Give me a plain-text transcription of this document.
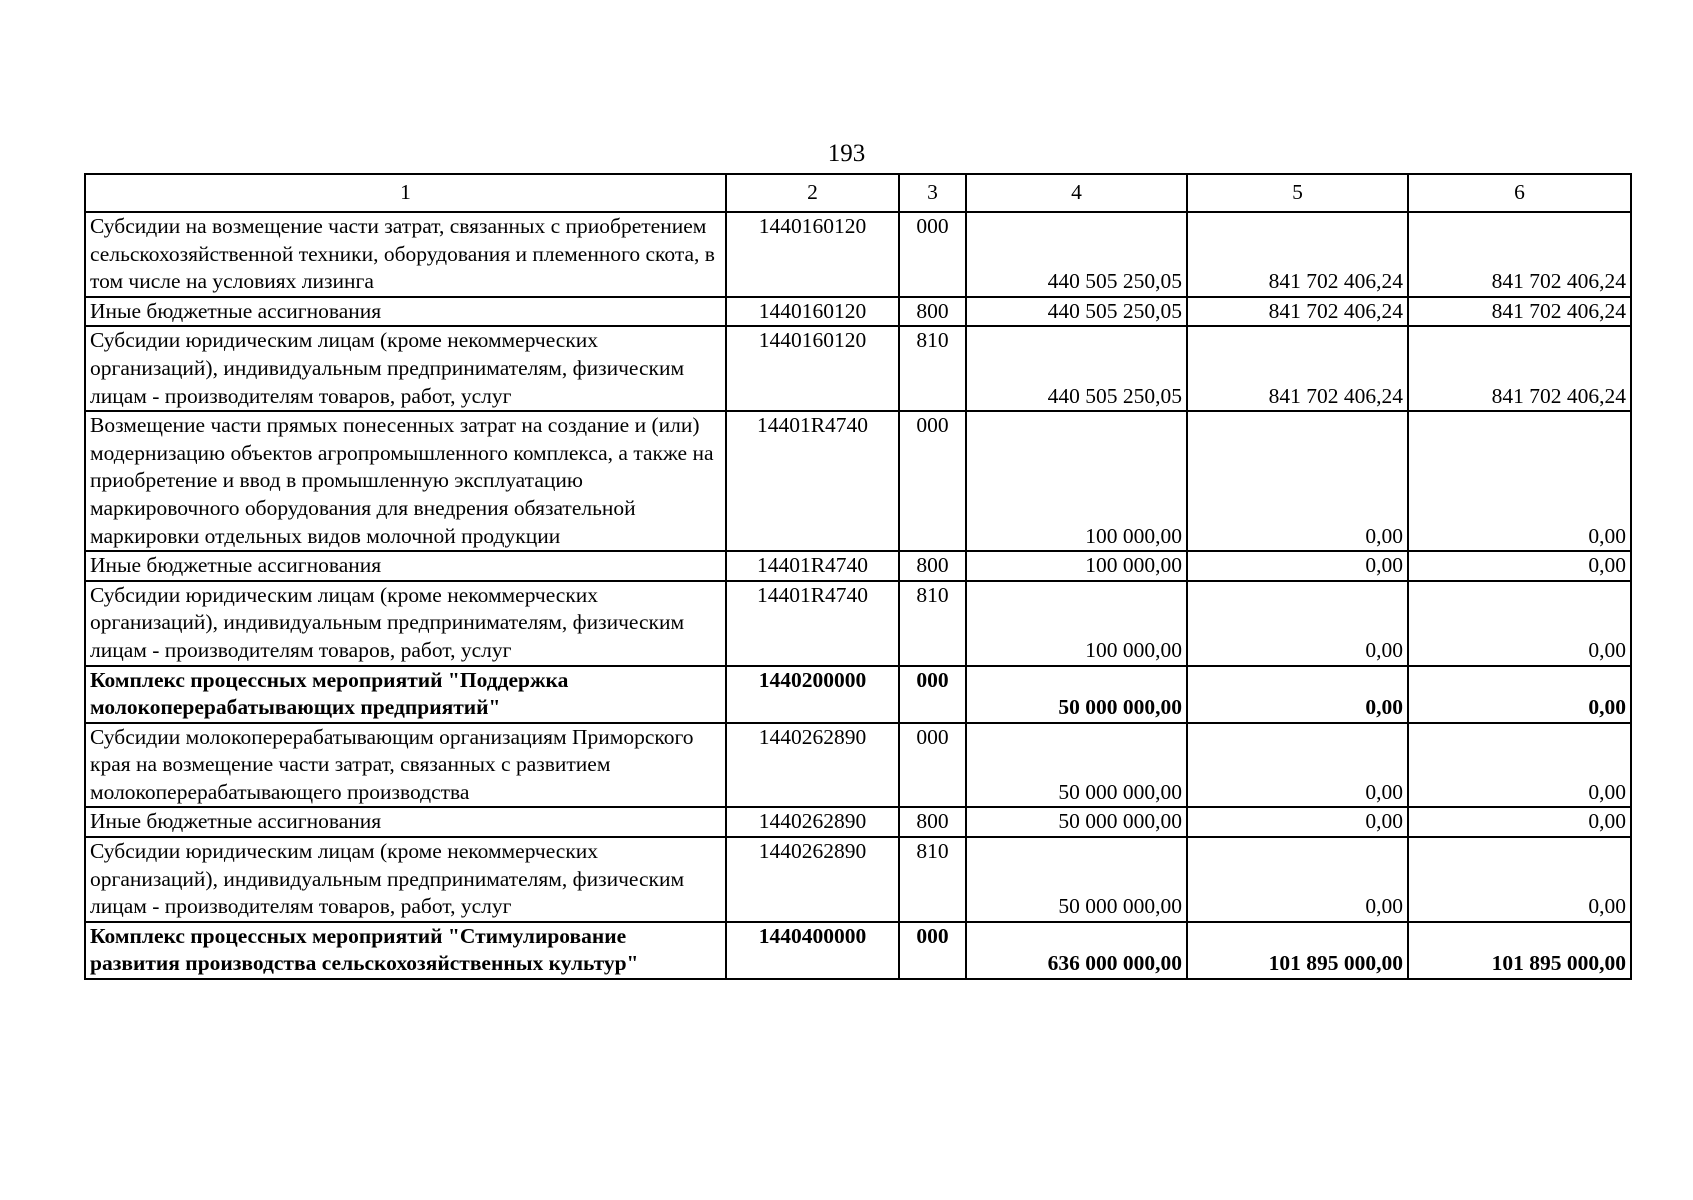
193
1	2	3	4	5	6
Субсидии на возмещение части затрат, связанных с приобретением сельскохозяйственной техники, оборудования и племенного скота, в том числе на условиях лизинга	1440160120	000	440 505 250,05	841 702 406,24	841 702 406,24
Иные бюджетные ассигнования	1440160120	800	440 505 250,05	841 702 406,24	841 702 406,24
Субсидии юридическим лицам (кроме некоммерческих организаций), индивидуальным предпринимателям, физическим лицам - производителям товаров, работ, услуг	1440160120	810	440 505 250,05	841 702 406,24	841 702 406,24
Возмещение части прямых понесенных затрат на создание и (или) модернизацию объектов агропромышленного комплекса, а также на приобретение и ввод в промышленную эксплуатацию маркировочного оборудования для внедрения обязательной маркировки отдельных видов молочной продукции	14401R4740	000	100 000,00	0,00	0,00
Иные бюджетные ассигнования	14401R4740	800	100 000,00	0,00	0,00
Субсидии юридическим лицам (кроме некоммерческих организаций), индивидуальным предпринимателям, физическим лицам - производителям товаров, работ, услуг	14401R4740	810	100 000,00	0,00	0,00
Комплекс процессных мероприятий "Поддержка молокоперерабатывающих предприятий"	1440200000	000	50 000 000,00	0,00	0,00
Субсидии молокоперерабатывающим организациям Приморского края на возмещение части затрат, связанных с развитием молокоперерабатывающего производства	1440262890	000	50 000 000,00	0,00	0,00
Иные бюджетные ассигнования	1440262890	800	50 000 000,00	0,00	0,00
Субсидии юридическим лицам (кроме некоммерческих организаций), индивидуальным предпринимателям, физическим лицам - производителям товаров, работ, услуг	1440262890	810	50 000 000,00	0,00	0,00
Комплекс процессных мероприятий "Стимулирование развития производства сельскохозяйственных культур"	1440400000	000	636 000 000,00	101 895 000,00	101 895 000,00
